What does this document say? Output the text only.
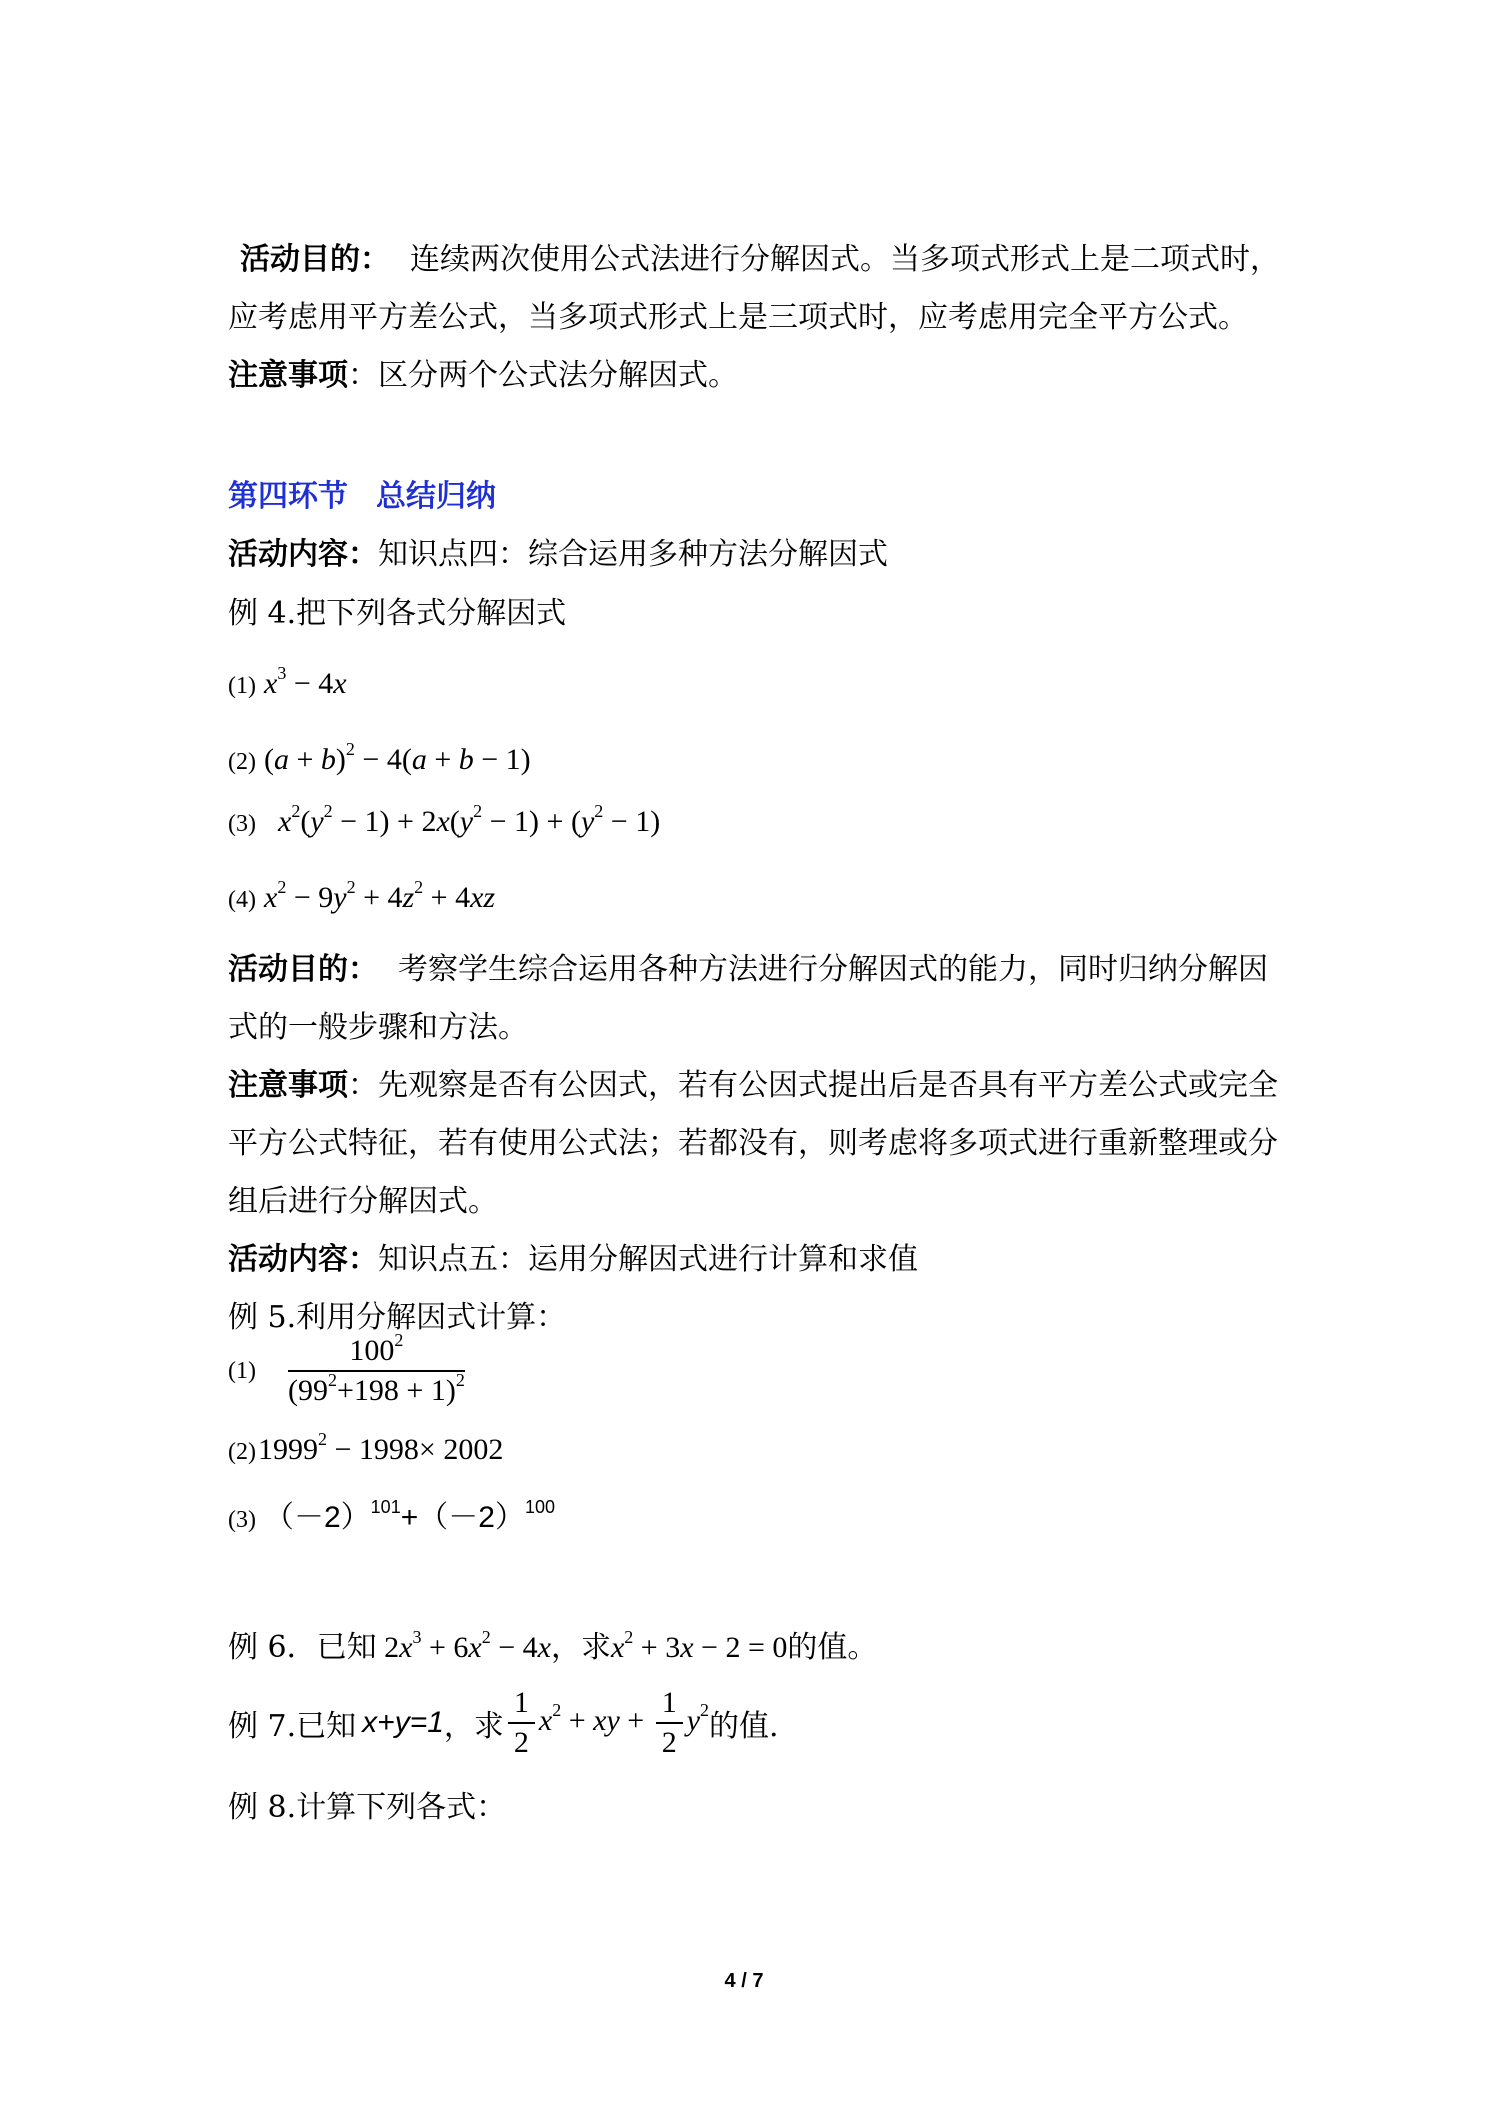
活动目的： 连续两次使用公式法进行分解因式。当多项式形式上是二项式时，
应考虑用平方差公式，当多项式形式上是三项式时，应考虑用完全平方公式。
注意事项：区分两个公式法分解因式。
第四环节 总结归纳
活动内容：知识点四：综合运用多种方法分解因式
例 4.把下列各式分解因式
(1) $x^3 - 4x$
(2) $(a + b)^2 - 4(a + b - 1)$
(3) $x^2(y^2 - 1) + 2x(y^2 - 1) + (y^2 - 1)$
(4) $x^2 - 9y^2 + 4z^2 + 4xz$
活动目的： 考察学生综合运用各种方法进行分解因式的能力，同时归纳分解因
式的一般步骤和方法。
注意事项：先观察是否有公因式，若有公因式提出后是否具有平方差公式或完全
平方公式特征，若有使用公式法；若都没有，则考虑将多项式进行重新整理或分
组后进行分解因式。
活动内容：知识点五：运用分解因式进行计算和求值
例 5.利用分解因式计算：
$(1) \frac{100^2}{(99^2+198 + 1)^2}$
$(2)1999^2 - 1998\times 2002$
(3) $(-2)^{101}+(-2)^{100}$
例 6．已知 $2x^3 + 6x^2 - 4x$，求$x^2 + 3x - 2 = 0$的值。
例 7.已知 x+y=1，求 $\frac{1}{2} x^2$ + xy + $\frac{1}{2} y^2$的值.
例 8.计算下列各式：
4 / 7
